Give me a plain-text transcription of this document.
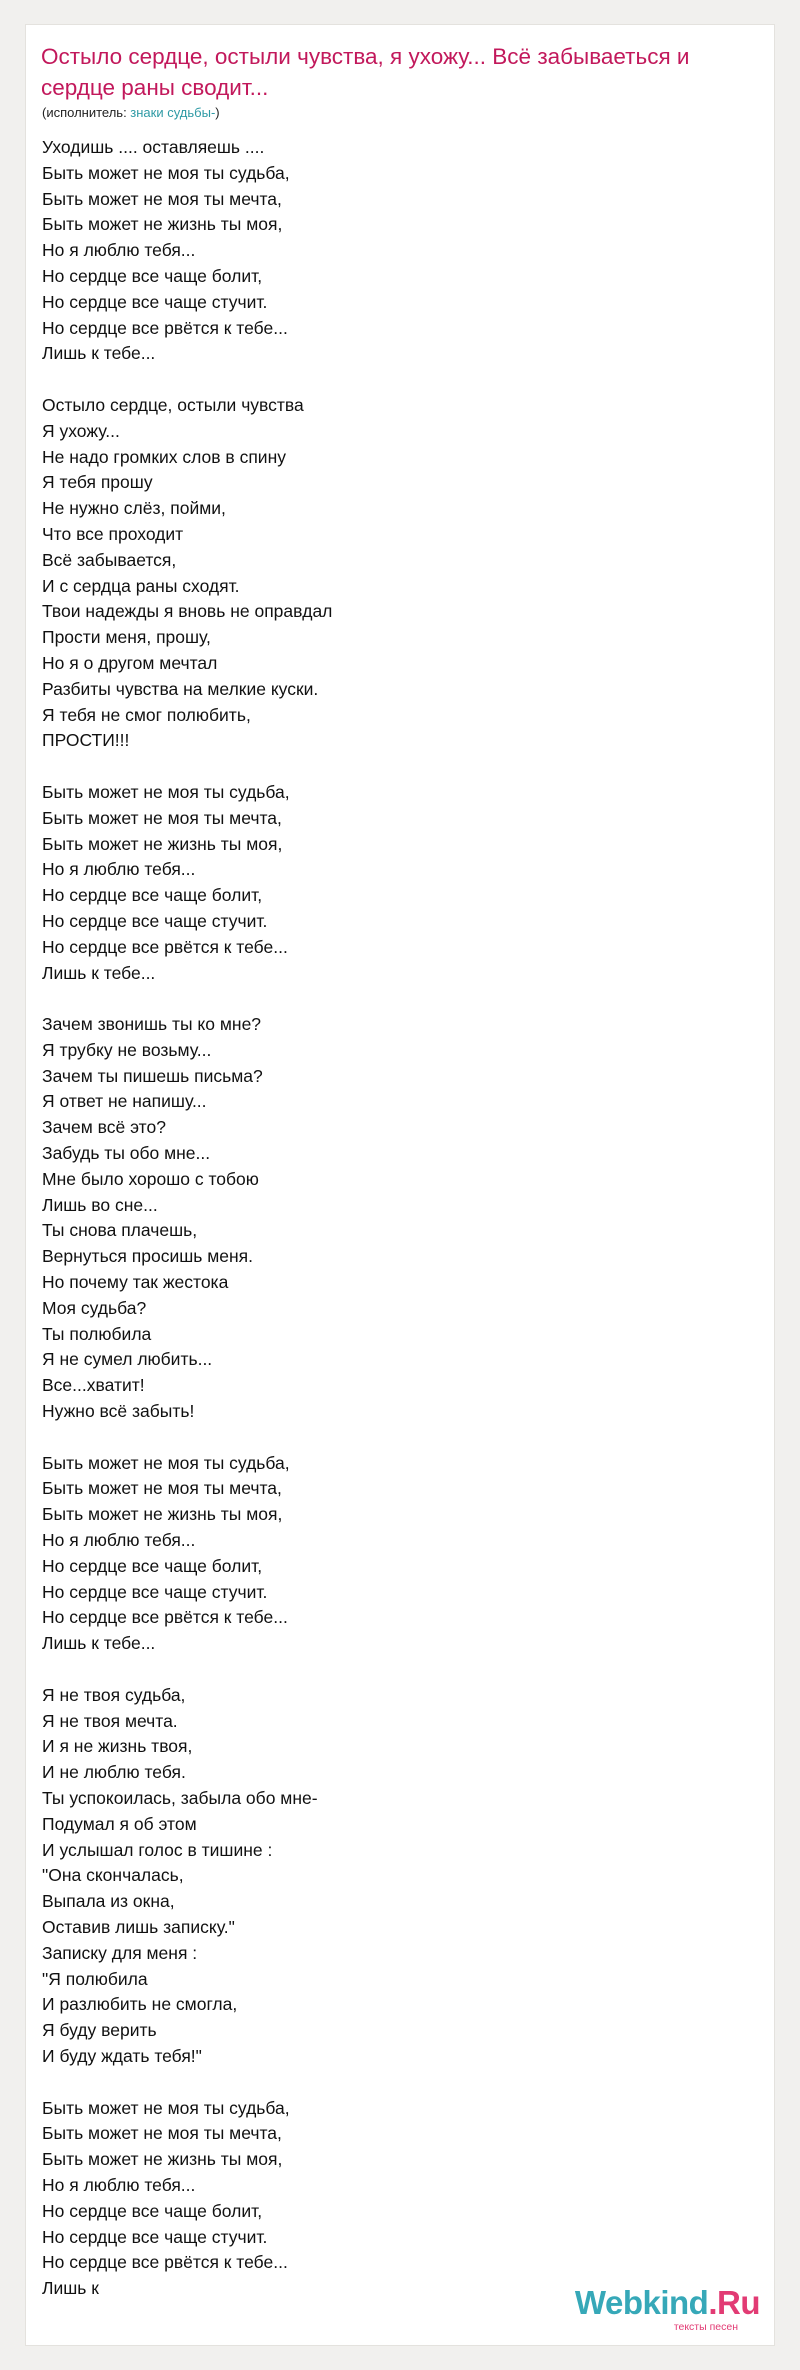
Остыло сердце, остыли чувства, я ухожу... Всё забываеться и сердце раны сводит...
(исполнитель: знаки судьбы-)
Уходишь .... оставляешь ....
Быть может не моя ты судьба,
Быть может не моя ты мечта,
Быть может не жизнь ты моя,
Но я люблю тебя...
Но сердце все чаще болит,
Но сердце все чаще стучит.
Но сердце все рвётся к тебе...
Лишь к тебе...
Остыло сердце, остыли чувства
Я ухожу...
Не надо громких слов в спину
Я тебя прошу
Не нужно слёз, пойми,
Что все проходит
Всё забывается,
И с сердца раны сходят.
Твои надежды я вновь не оправдал
Прости меня, прошу,
Но я о другом мечтал
Разбиты чувства на мелкие куски.
Я тебя не смог полюбить,
ПРОСТИ!!!
Быть может не моя ты судьба,
Быть может не моя ты мечта,
Быть может не жизнь ты моя,
Но я люблю тебя...
Но сердце все чаще болит,
Но сердце все чаще стучит.
Но сердце все рвётся к тебе...
Лишь к тебе...
Зачем звонишь ты ко мне?
Я трубку не возьму...
Зачем ты пишешь письма?
Я ответ не напишу...
Зачем всё это?
Забудь ты обо мне...
Мне было хорошо с тобою
Лишь во сне...
Ты снова плачешь,
Вернуться просишь меня.
Но почему так жестока
Моя судьба?
Ты полюбила
Я не сумел любить...
Все...хватит!
Нужно всё забыть!
Быть может не моя ты судьба,
Быть может не моя ты мечта,
Быть может не жизнь ты моя,
Но я люблю тебя...
Но сердце все чаще болит,
Но сердце все чаще стучит.
Но сердце все рвётся к тебе...
Лишь к тебе...
Я не твоя судьба,
Я не твоя мечта.
И я не жизнь твоя,
И не люблю тебя.
Ты успокоилась, забыла обо мне-
Подумал я об этом
И услышал голос в тишине :
"Она скончалась,
Выпала из окна,
Оставив лишь записку."
Записку для меня :
"Я полюбила
И разлюбить не смогла,
Я буду верить
И буду ждать тебя!"
Быть может не моя ты судьба,
Быть может не моя ты мечта,
Быть может не жизнь ты моя,
Но я люблю тебя...
Но сердце все чаще болит,
Но сердце все чаще стучит.
Но сердце все рвётся к тебе...
Лишь к	Webkind.Ru
тексты песен
